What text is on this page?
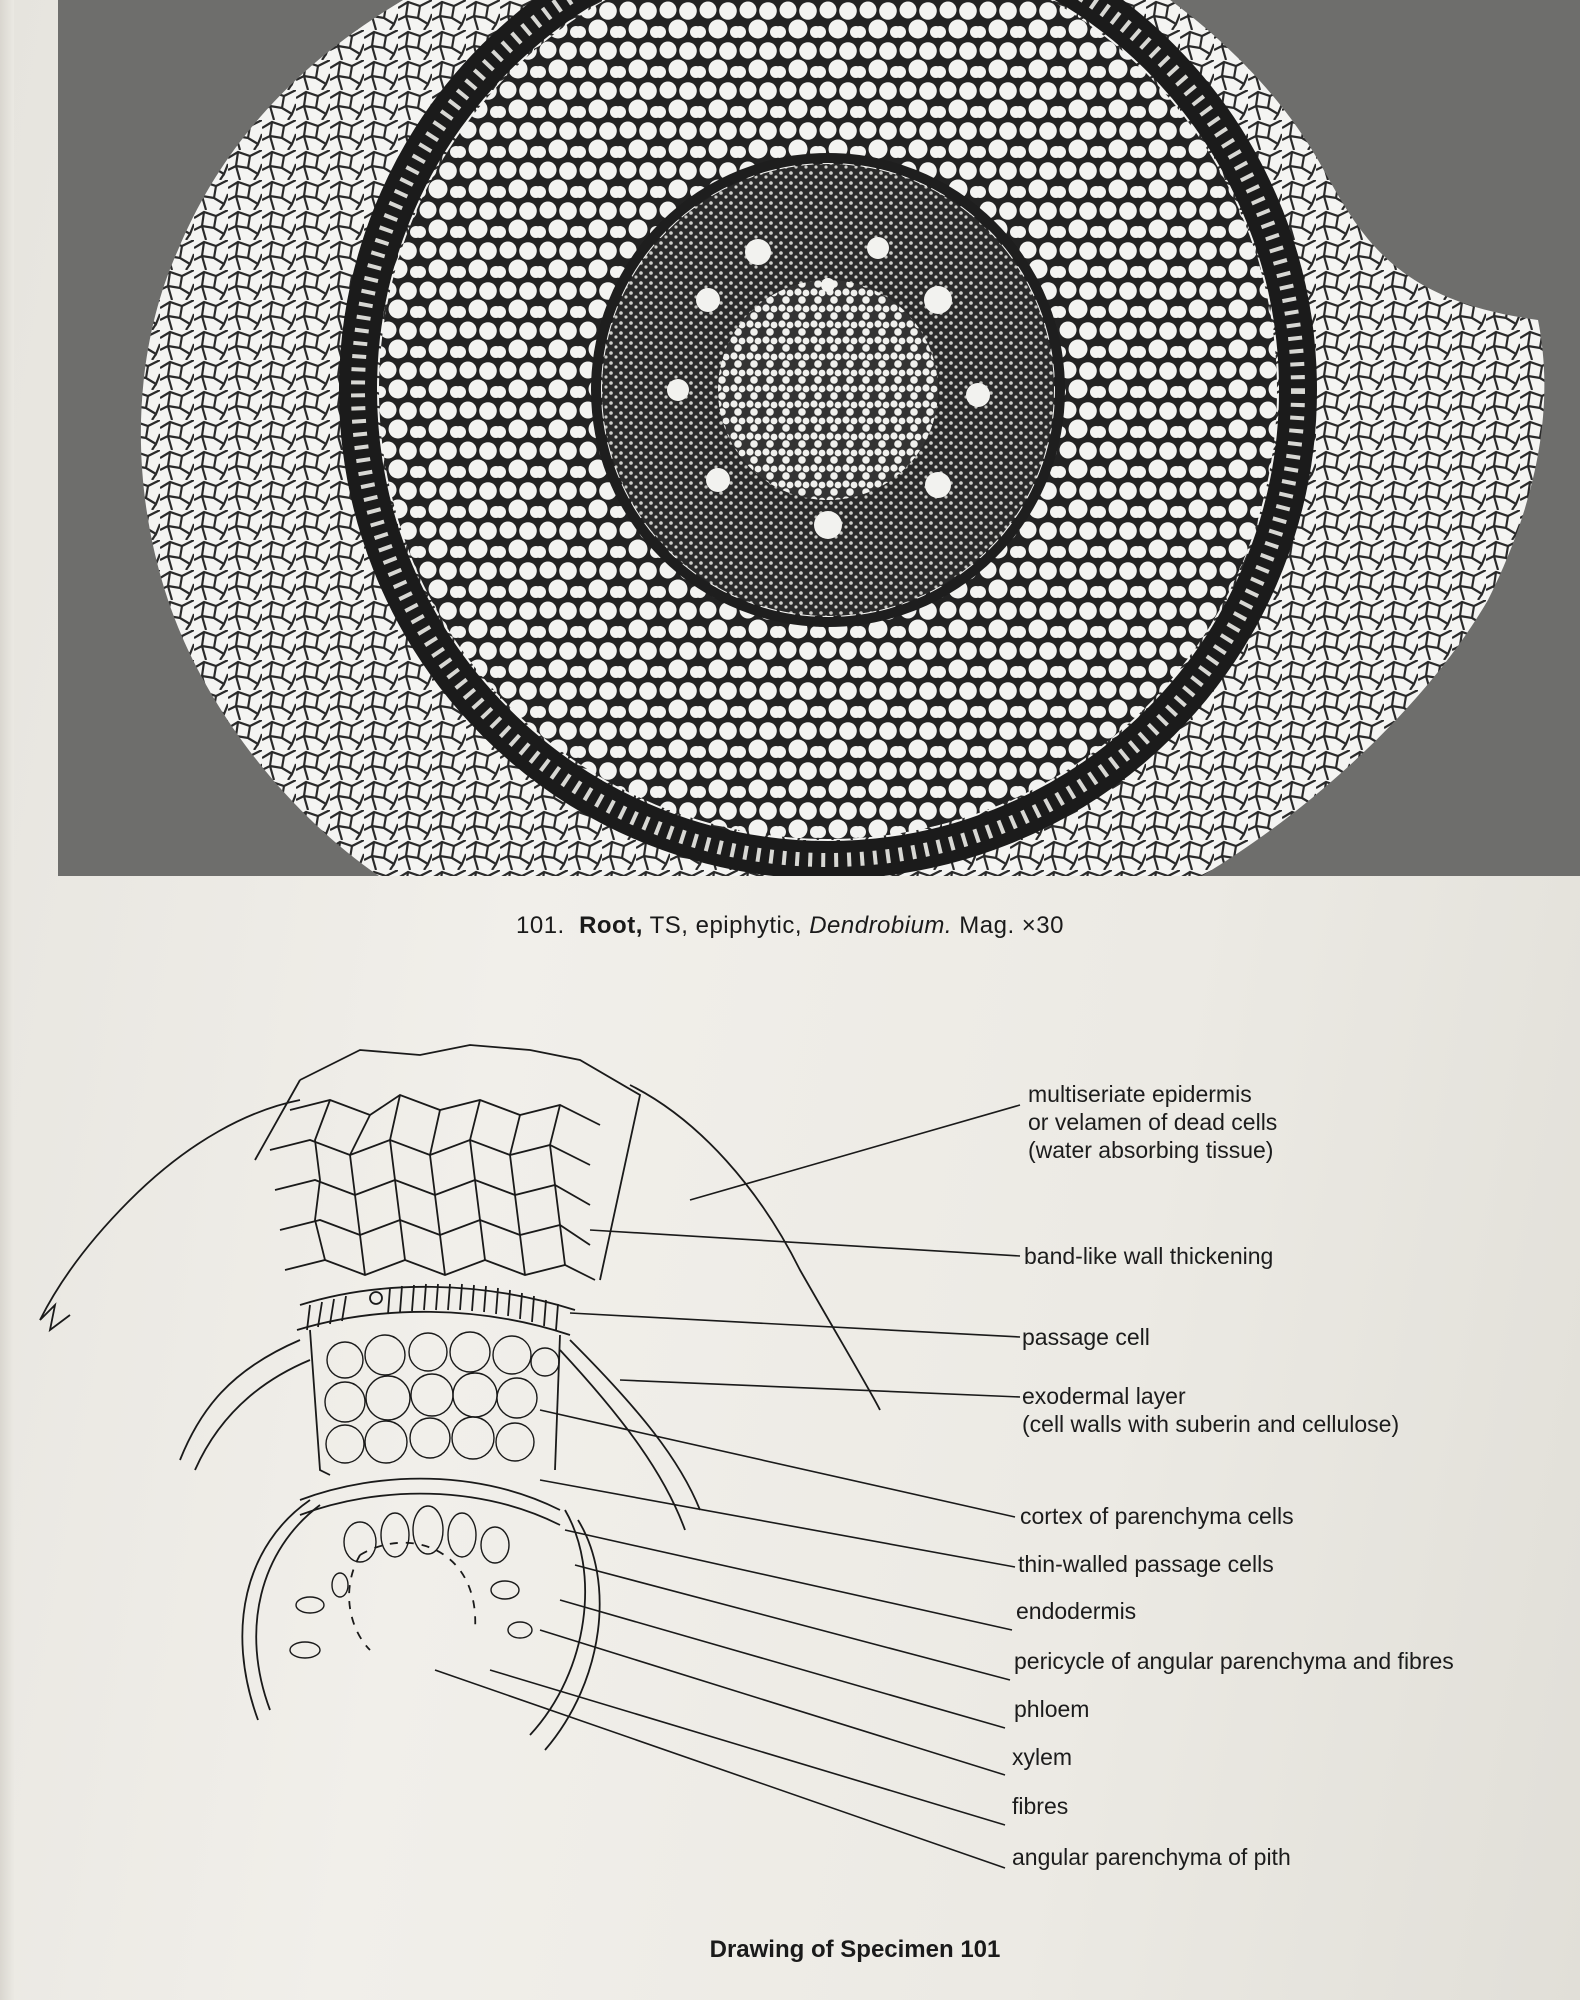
101. Root, TS, epiphytic, Dendrobium. Mag. ×30
multiseriate epidermis
or velamen of dead cells
(water absorbing tissue)
band-like wall thickening
passage cell
exodermal layer
(cell walls with suberin and cellulose)
cortex of parenchyma cells
thin-walled passage cells
endodermis
pericycle of angular parenchyma and fibres
phloem
xylem
fibres
angular parenchyma of pith
Drawing of Specimen 101
